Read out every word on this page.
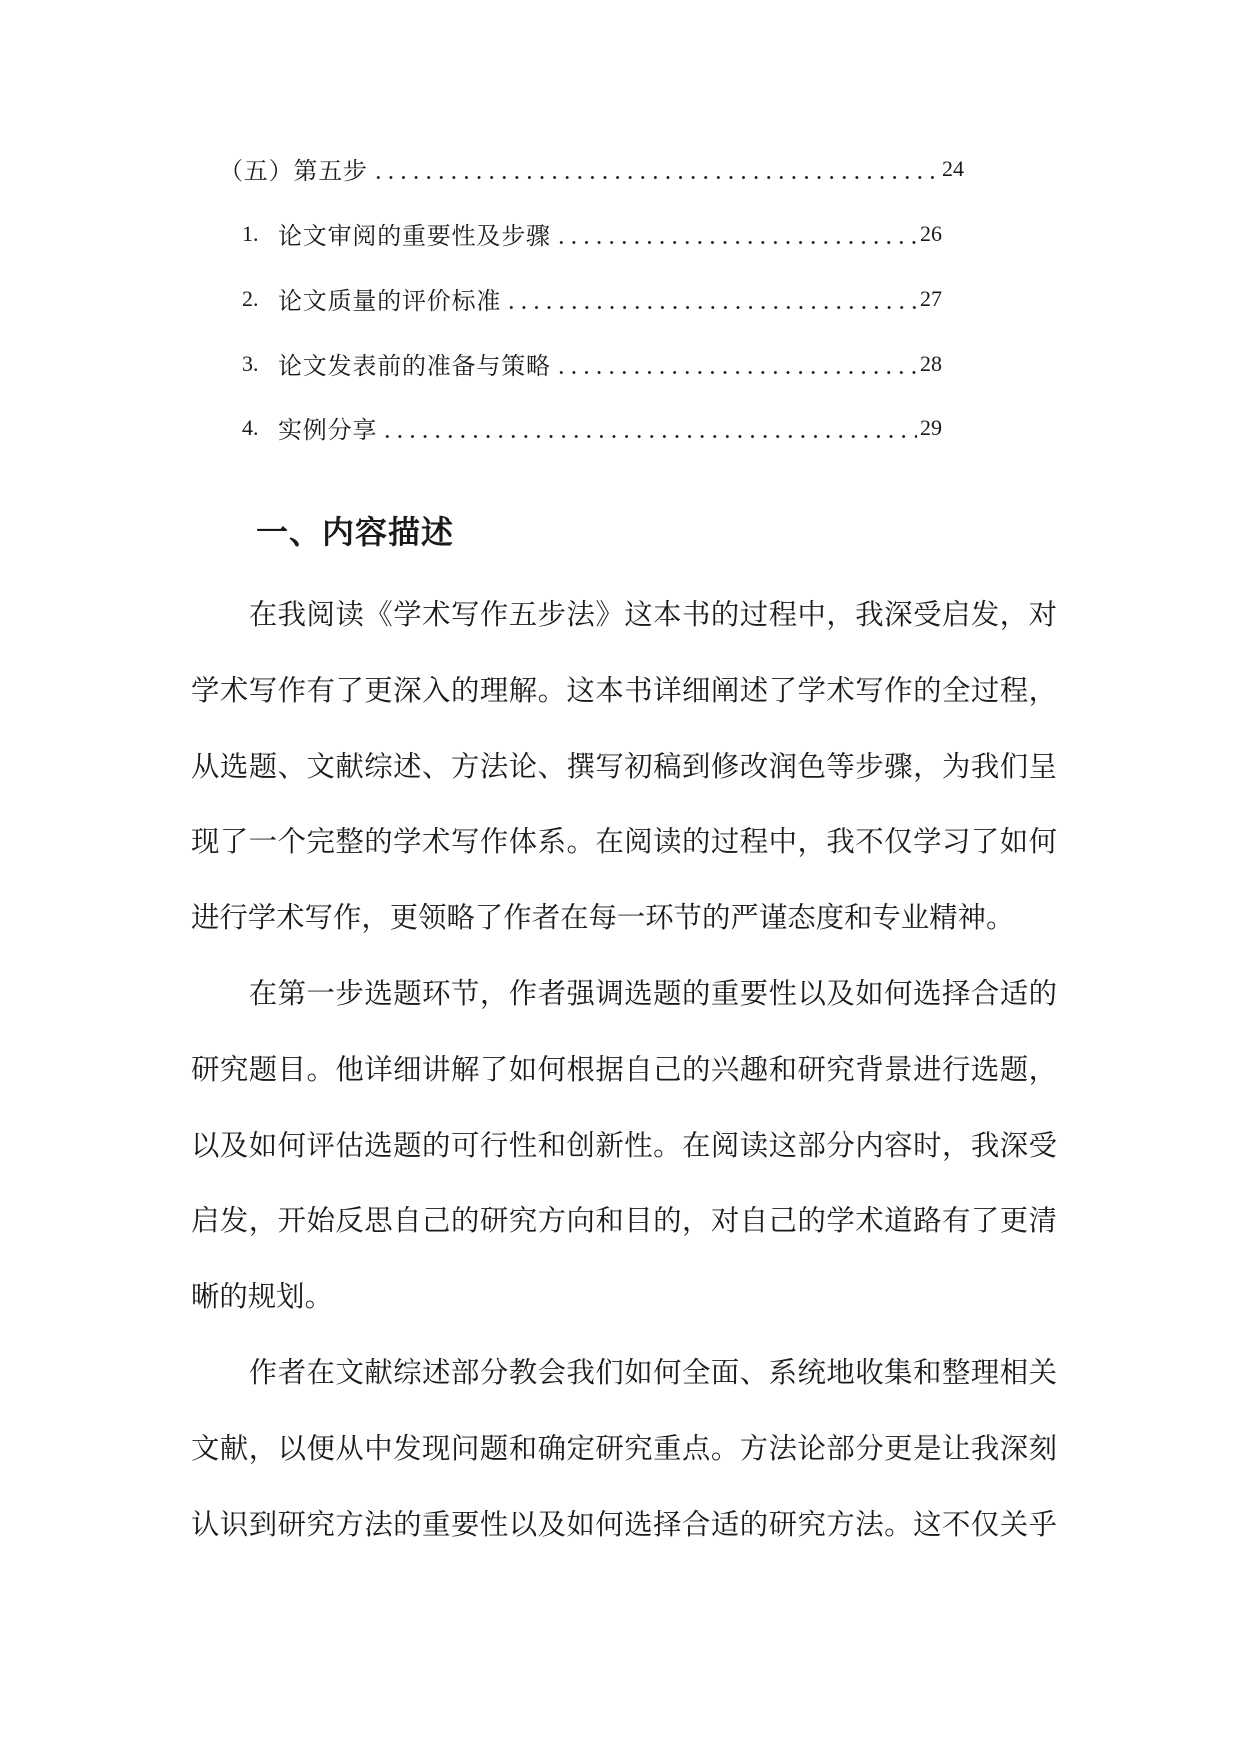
（五）第五步	24
1. 论文审阅的重要性及步骤	26
2. 论文质量的评价标准	27
3. 论文发表前的准备与策略	28
4. 实例分享	29
一、内容描述
在我阅读《学术写作五步法》这本书的过程中，我深受启发，对
学术写作有了更深入的理解。这本书详细阐述了学术写作的全过程，
从选题、文献综述、方法论、撰写初稿到修改润色等步骤，为我们呈
现了一个完整的学术写作体系。在阅读的过程中，我不仅学习了如何
进行学术写作，更领略了作者在每一环节的严谨态度和专业精神。
在第一步选题环节，作者强调选题的重要性以及如何选择合适的
研究题目。他详细讲解了如何根据自己的兴趣和研究背景进行选题，
以及如何评估选题的可行性和创新性。在阅读这部分内容时，我深受
启发，开始反思自己的研究方向和目的，对自己的学术道路有了更清
晰的规划。
作者在文献综述部分教会我们如何全面、系统地收集和整理相关
文献，以便从中发现问题和确定研究重点。方法论部分更是让我深刻
认识到研究方法的重要性以及如何选择合适的研究方法。这不仅关乎
